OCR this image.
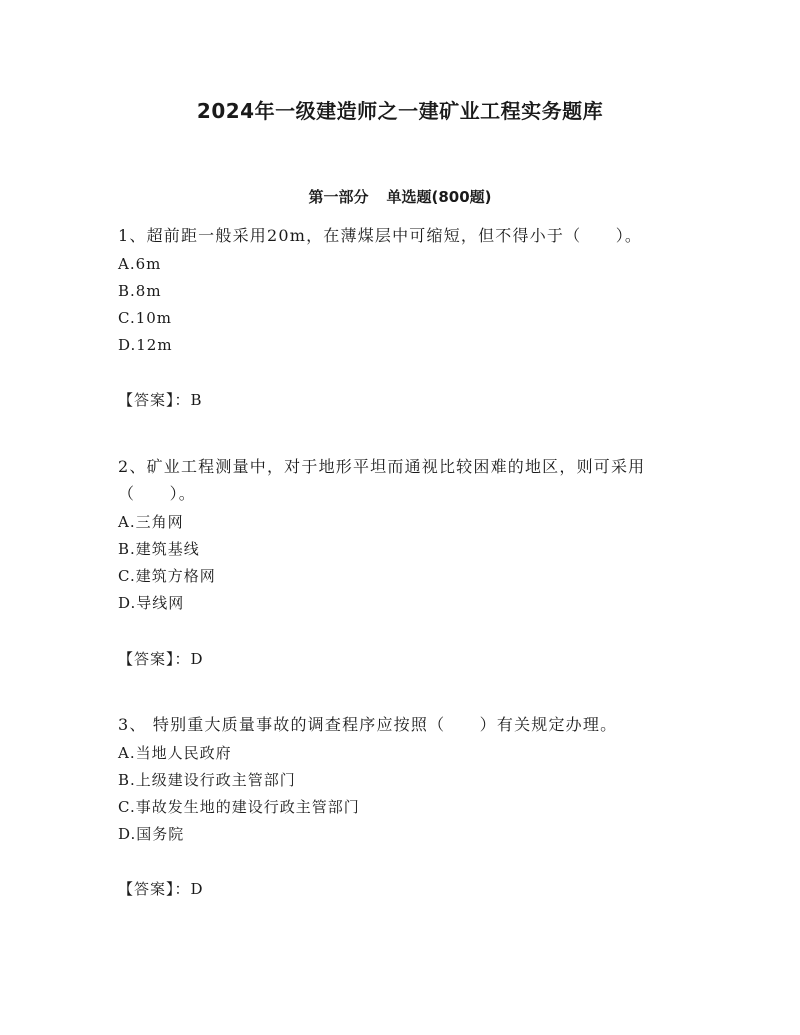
2024年一级建造师之一建矿业工程实务题库
第一部分 单选题(800题)

1、超前距一般采用20m，在薄煤层中可缩短，但不得小于（　　）。

A.6m
B.8m
C.10m
D.12m
【答案】：B

2、矿业工程测量中，对于地形平坦而通视比较困难的地区，则可采用（　　）。

A.三角网
B.建筑基线
C.建筑方格网
D.导线网
【答案】：D

3、 特别重大质量事故的调查程序应按照（　　）有关规定办理。

A.当地人民政府
B.上级建设行政主管部门
C.事故发生地的建设行政主管部门
D.国务院
【答案】：D
